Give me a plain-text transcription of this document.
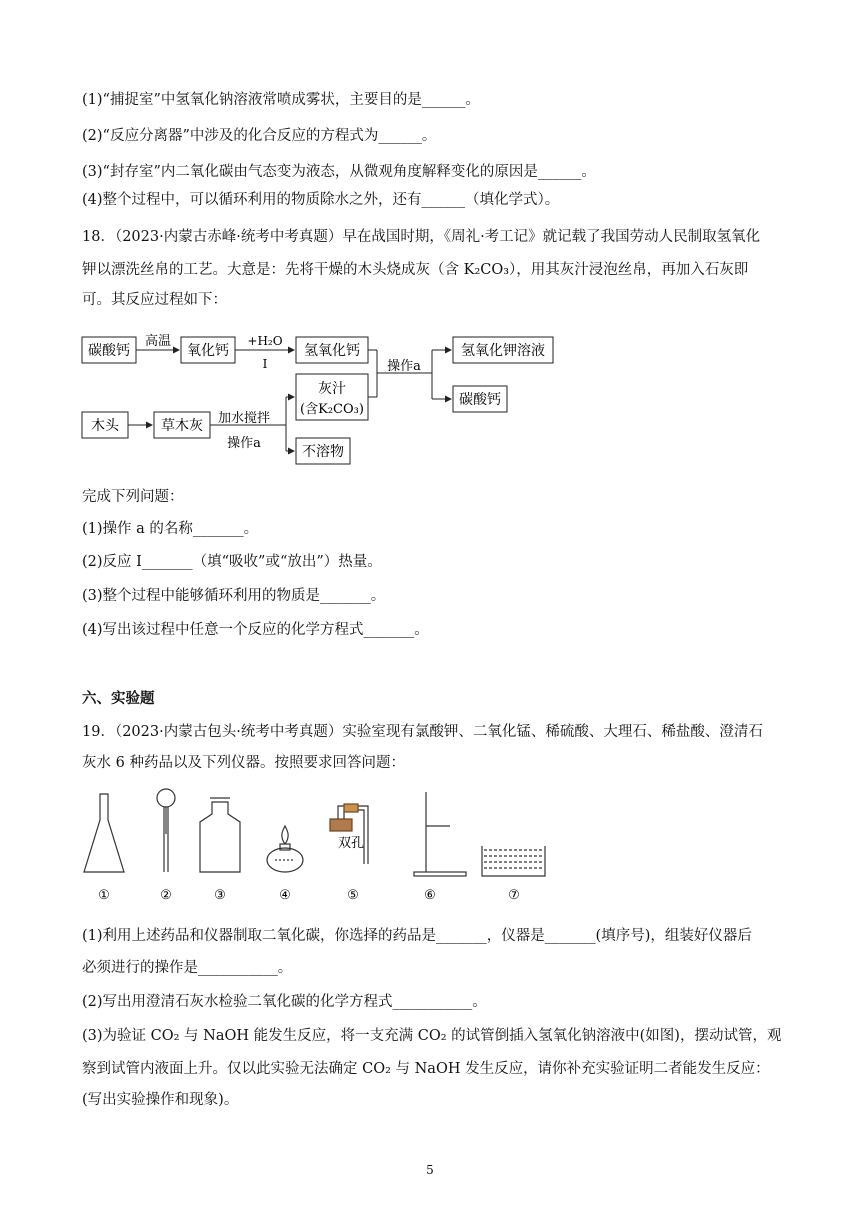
(1)“捕捉室”中氢氧化钠溶液常喷成雾状，主要目的是______。
(2)“反应分离器”中涉及的化合反应的方程式为______。
(3)“封存室”内二氧化碳由气态变为液态，从微观角度解释变化的原因是______。
(4)整个过程中，可以循环利用的物质除水之外，还有______（填化学式）。
18．（2023·内蒙古赤峰·统考中考真题）早在战国时期，《周礼·考工记》就记载了我国劳动人民制取氢氧化
钾以漂洗丝帛的工艺。大意是：先将干燥的木头烧成灰（含 K₂CO₃），用其灰汁浸泡丝帛，再加入石灰即
可。其反应过程如下：
碳酸钙
高温
氧化钙
+H₂O
I
氢氧化钙
操作a
氢氧化钾溶液
碳酸钙
木头	草木灰 加水搅拌
操作a
灰汁
(含K₂CO₃)
不溶物
完成下列问题：
(1)操作 a 的名称_______。
(2)反应 I_______（填“吸收”或“放出”）热量。
(3)整个过程中能够循环利用的物质是_______。
(4)写出该过程中任意一个反应的化学方程式_______。
六、实验题
19．（2023·内蒙古包头·统考中考真题）实验室现有氯酸钾、二氧化锰、稀硫酸、大理石、稀盐酸、澄清石
灰水 6 种药品以及下列仪器。按照要求回答问题：
双孔
①	②	③	④	⑤	⑥	⑦
(1)利用上述药品和仪器制取二氧化碳，你选择的药品是_______，仪器是_______(填序号)，组装好仪器后
必须进行的操作是___________。
(2)写出用澄清石灰水检验二氧化碳的化学方程式___________。
(3)为验证 CO₂ 与 NaOH 能发生反应，将一支充满 CO₂ 的试管倒插入氢氧化钠溶液中(如图)，摆动试管，观
察到试管内液面上升。仅以此实验无法确定 CO₂ 与 NaOH 发生反应，请你补充实验证明二者能发生反应：
(写出实验操作和现象)。
5
